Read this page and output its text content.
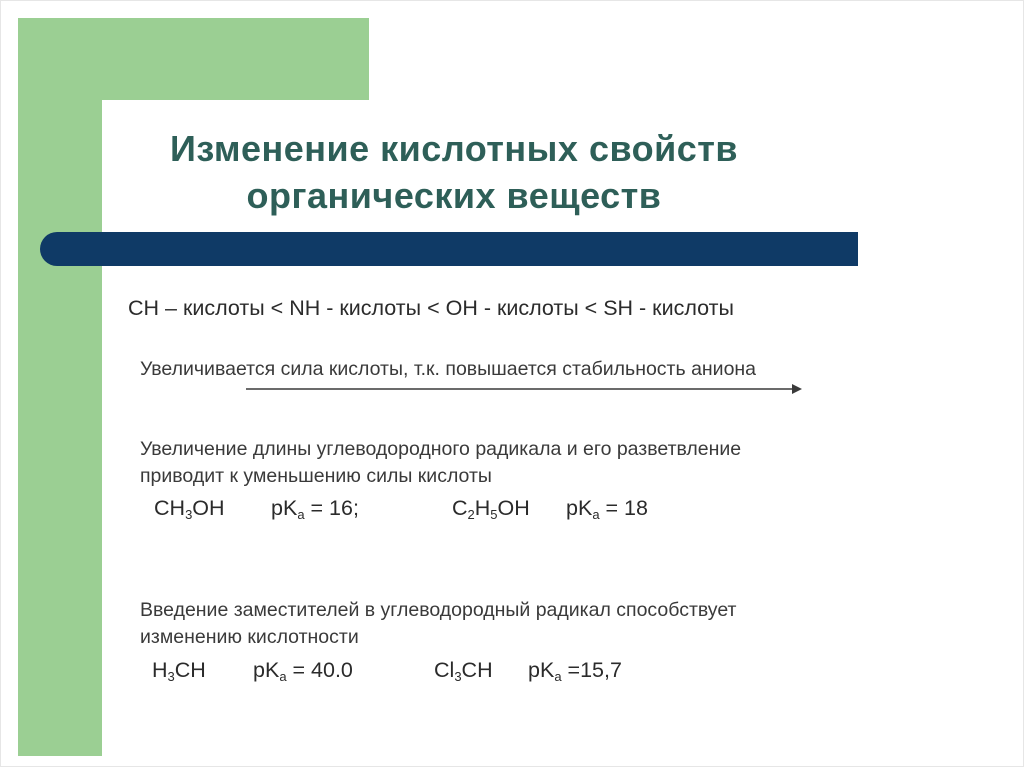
Изменение кислотных свойств
органических веществ
CH – кислоты < NH - кислоты < OH - кислоты < SH - кислоты
Увеличивается сила кислоты, т.к. повышается стабильность аниона
Увеличение длины углеводородного радикала и его разветвление
приводит к уменьшению силы кислоты
$CH_3OH$ $pK_a = 16$;	$C_2H_5OH$ $pK_a = 18$
Введение заместителей в углеводородный радикал способствует
изменению кислотности
$H_3CH$ $pK_a = 40.0$	$Cl_3CH$ $pK_a =15,7$
